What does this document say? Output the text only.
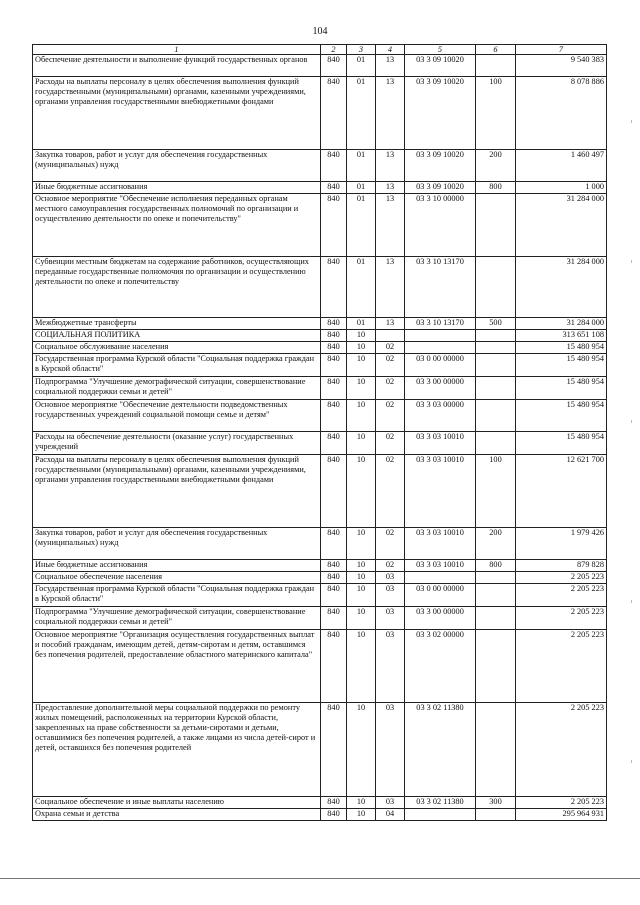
104
1	2	3	4	5	6	7
Обеспечение деятельности и выполнение функций государственных органов	840	01	13	03 3 09 10020		9 540 383
Расходы на выплаты персоналу в целях обеспечения выполнения функций государственными (муниципальными) органами, казенными учреждениями, органами управления государственными внебюджетными фондами	840	01	13	03 3 09 10020	100	8 078 886
Закупка товаров, работ и услуг для обеспечения государственных (муниципальных) нужд	840	01	13	03 3 09 10020	200	1 460 497
Иные бюджетные ассигнования	840	01	13	03 3 09 10020	800	1 000
Основное мероприятие "Обеспечение исполнения переданных органам местного самоуправления государственных полномочий по организации и осуществлению деятельности по опеке и попечительству"	840	01	13	03 3 10 00000		31 284 000
Субвенции местным бюджетам на содержание работников, осуществляющих переданные государственные полномочия по организации и осуществлению деятельности по опеке и попечительству	840	01	13	03 3 10 13170		31 284 000
Межбюджетные трансферты	840	01	13	03 3 10 13170	500	31 284 000
СОЦИАЛЬНАЯ ПОЛИТИКА	840	10				313 651 108
Социальное обслуживание населения	840	10	02			15 480 954
Государственная программа Курской области "Социальная поддержка граждан в Курской области"	840	10	02	03 0 00 00000		15 480 954
Подпрограмма "Улучшение демографической ситуации, совершенствование социальной поддержки семьи и детей"	840	10	02	03 3 00 00000		15 480 954
Основное мероприятие "Обеспечение деятельности подведомственных государственных учреждений социальной помощи семье и детям"	840	10	02	03 3 03 00000		15 480 954
Расходы на обеспечение деятельности (оказание услуг) государственных учреждений	840	10	02	03 3 03 10010		15 480 954
Расходы на выплаты персоналу в целях обеспечения выполнения функций государственными (муниципальными) органами, казенными учреждениями, органами управления государственными внебюджетными фондами	840	10	02	03 3 03 10010	100	12 621 700
Закупка товаров, работ и услуг для обеспечения государственных (муниципальных) нужд	840	10	02	03 3 03 10010	200	1 979 426
Иные бюджетные ассигнования	840	10	02	03 3 03 10010	800	879 828
Социальное обеспечение населения	840	10	03			2 205 223
Государственная программа Курской области "Социальная поддержка граждан в Курской области"	840	10	03	03 0 00 00000		2 205 223
Подпрограмма "Улучшение демографической ситуации, совершенствование социальной поддержки семьи и детей"	840	10	03	03 3 00 00000		2 205 223
Основное мероприятие "Организация осуществления государственных выплат и пособий гражданам, имеющим детей, детям-сиротам и детям, оставшимся без попечения родителей, предоставление областного материнского капитала"	840	10	03	03 3 02 00000		2 205 223
Предоставление дополнительной меры социальной поддержки по ремонту жилых помещений, расположенных на территории Курской области, закрепленных на праве собственности за детьми-сиротами и детьми, оставшимися без попечения родителей, а также лицами из числа детей-сирот и детей, оставшихся без попечения родителей	840	10	03	03 3 02 11380		2 205 223
Социальное обеспечение и иные выплаты населению	840	10	03	03 3 02 11380	300	2 205 223
Охрана семьи и детства	840	10	04			295 964 931
